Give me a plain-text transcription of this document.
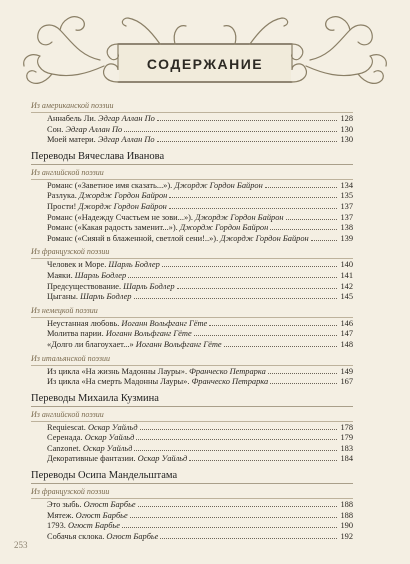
СОДЕРЖАНИЕ
Из американской поэзии
Аннабель Ли. Эдгар Аллан По	128
Сон. Эдгар Аллан По	130
Моей матери. Эдгар Аллан По	130
Переводы Вячеслава Иванова
Из английской поэзии
Романс («Заветное имя сказать...»). Джордж Гордон Байрон	134
Разлука. Джордж Гордон Байрон	135
Прости! Джордж Гордон Байрон	137
Романс («Надежду Счастьем не зови...»). Джордж Гордон Байрон	137
Романс («Какая радость заменит...»). Джордж Гордон Байрон	138
Романс («Сиянй в блаженной, светлой сени!..»). Джордж Гордон Байрон	139
Из французской поэзии
Человек и Море. Шарль Бодлер	140
Маяки. Шарль Бодлер	141
Предсуществование. Шарль Бодлер	142
Цыганы. Шарль Бодлер	145
Из немецкой поэзии
Неустанная любовь. Иоганн Вольфганг Гёте	146
Молитва парии. Иоганн Вольфганг Гёте	147
«Долго ли благоухает...» Иоганн Вольфганг Гёте	148
Из итальянской поэзии
Из цикла «На жизнь Мадонны Лауры». Франческо Петрарка	149
Из цикла «На смерть Мадонны Лауры». Франческо Петрарка	167
Переводы Михаила Кузмина
Из английской поэзии
Requiescat. Оскар Уайльд	178
Серенада. Оскар Уайльд	179
Canzonet. Оскар Уайльд	183
Декоративные фантазии. Оскар Уайльд	184
Переводы Осипа Мандельштама
Из французской поэзии
Это зыбь. Огюст Барбье	188
Мятеж. Огюст Барбье	188
1793. Огюст Барбье	190
Собачья склока. Огюст Барбье	192
253
